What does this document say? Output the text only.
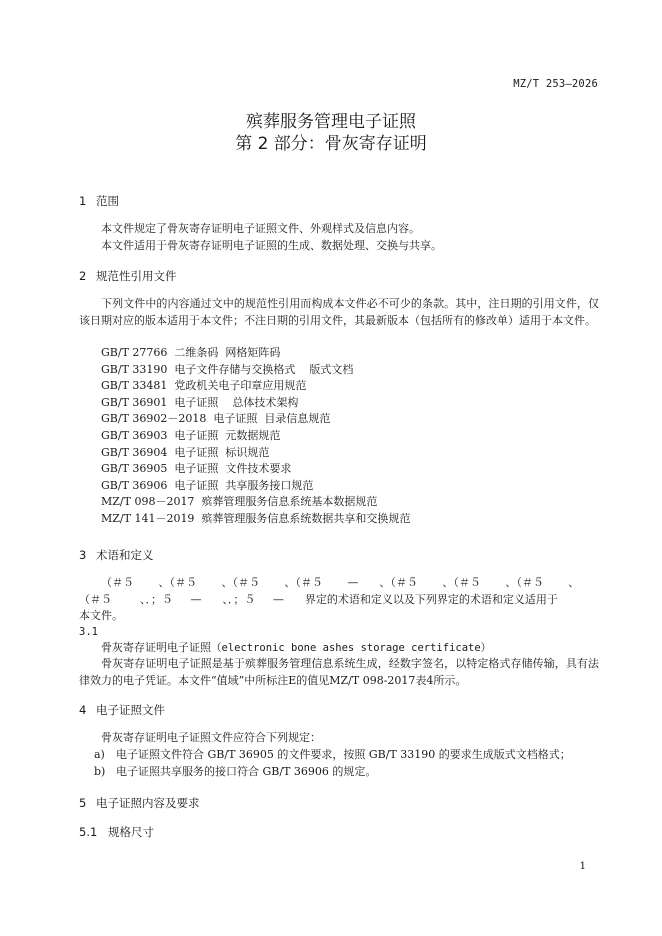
MZ/T 253—2026
殡葬服务管理电子证照
第 2 部分：骨灰寄存证明
1 范围
本文件规定了骨灰寄存证明电子证照文件、外观样式及信息内容。
本文件适用于骨灰寄存证明电子证照的生成、数据处理、交换与共享。
2 规范性引用文件
下列文件中的内容通过文中的规范性引用而构成本文件必不可少的条款。其中，注日期的引用文件，仅该日期对应的版本适用于本文件；不注日期的引用文件，其最新版本（包括所有的修改单）适用于本文件。
GB/T 27766  二维条码  网格矩阵码
GB/T 33190  电子文件存储与交换格式    版式文档
GB/T 33481  党政机关电子印章应用规范
GB/T 36901  电子证照    总体技术架构
GB/T 36902－2018  电子证照  目录信息规范
GB/T 36903  电子证照  元数据规范
GB/T 36904  电子证照  标识规范
GB/T 36905  电子证照  文件技术要求
GB/T 36906  电子证照  共享服务接口规范
MZ/T 098－2017  殡葬管理服务信息系统基本数据规范
MZ/T 141－2019  殡葬管理服务信息系统数据共享和交换规范
3 术语和定义
（＃５       、（＃５       、（＃５       、（＃５       —      、（＃５       、（＃５       、（＃５       、
（＃５        、．；５     —      、．；５     —      界定的术语和定义以及下列界定的术语和定义适用于
本文件。
3.1
骨灰寄存证明电子证照（electronic bone ashes storage certificate）
骨灰寄存证明电子证照是基于殡葬服务管理信息系统生成，经数字签名，以特定格式存储传输，具有法律效力的电子凭证。本文件“值域”中所标注E的值见MZ/T 098-2017表4所示。
4 电子证照文件
骨灰寄存证明电子证照文件应符合下列规定：
a) 电子证照文件符合 GB/T 36905 的文件要求，按照 GB/T 33190 的要求生成版式文档格式；
b) 电子证照共享服务的接口符合 GB/T 36906 的规定。
5 电子证照内容及要求
5.1 规格尺寸
1
